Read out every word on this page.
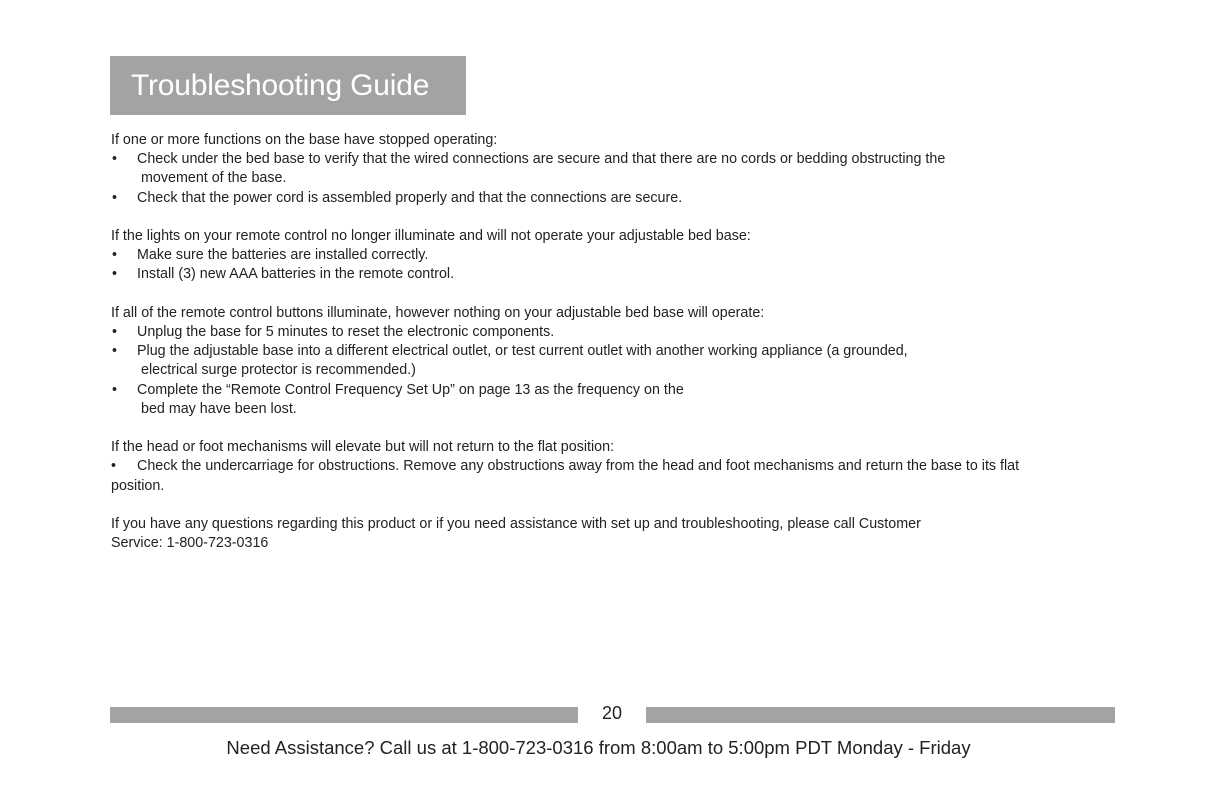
Troubleshooting Guide

If one or more functions on the base have stopped operating:

• Check under the bed base to verify that the wired connections are secure and that there are no cords or bedding obstructing the
movement of the base.
• Check that the power cord is assembled properly and that the connections are secure.

If the lights on your remote control no longer illuminate and will not operate your adjustable bed base:

• Make sure the batteries are installed correctly.
• Install (3) new AAA batteries in the remote control.

If all of the remote control buttons illuminate, however nothing on your adjustable bed base will operate:

• Unplug the base for 5 minutes to reset the electronic components.
• Plug the adjustable base into a different electrical outlet, or test current outlet with another working appliance (a grounded,
electrical surge protector is recommended.)
• Complete the “Remote Control Frequency Set Up” on page 13 as the frequency on the
bed may have been lost.

If the head or foot mechanisms will elevate but will not return to the flat position:

• Check the undercarriage for obstructions. Remove any obstructions away from the head and foot mechanisms and return the base to its flat
position.

If you have any questions regarding this product or if you need assistance with set up and troubleshooting, please call Customer

Service: 1-800-723-0316

20
Need Assistance? Call us at 1-800-723-0316 from 8:00am to 5:00pm PDT Monday - Friday
